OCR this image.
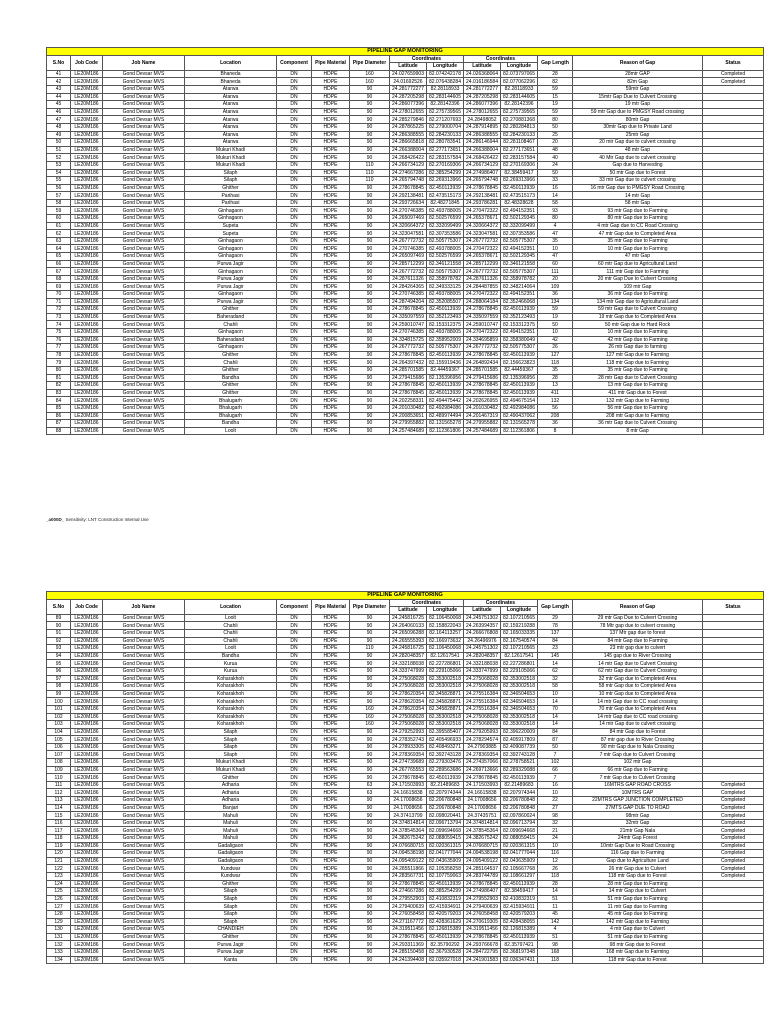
PIPELINE GAP MONITORING													
S.No	Job Code	Job Name	Location	Component	Pipe Material	Pipe Diameter	Coordinates		Coordinates		Gap Length	Reason of Gap	Status
							Latitude	Longitude	Latitude	Longitude			
41	LE20M186	Gond Devsar MVS	Bhaneda	DN	HDPE	160	24.027659903	82.074242178	24.026368064	82.073797065	28	28mtr GAP	Completed
42	LE20M186	Gond Devsar MVS	Bhaneda	DN	HDPE	160	24.01692526	82.076438284	24.016186584	82.077062296	82	82m Gap	Completed
43	LE20M186	Gond Devsar MVS	Atarwa	DN	HDPE	90	24.281772277	82.28118933	24.281772277	82.28118933	59	59mtr Gap	
44	LE20M186	Gond Devsar MVS	Atarwa	DN	HDPE	90	24.287205298	82.283144605	24.287205298	82.283144605	15	15mtr Gap Due to Culvert Crossing	
45	LE20M186	Gond Devsar MVS	Atarwa	DN	HDPE	90	24.286077396	82.28142396	24.286077396	82.28142396	19	19 mtr Gap	
46	LE20M186	Gond Devsar MVS	Atarwa	DN	HDPE	90	24.278012655	82.275739565	24.278012655	82.275739565	59	59 mtr Gap due to PMGSY Road crossing	
47	LE20M186	Gond Devsar MVS	Atarwa	DN	HDPE	90	24.285279846	82.271207693	24.28498052	82.270881368	80	80mtr Gap	
48	LE20M186	Gond Devsar MVS	Atarwa	DN	HDPE	90	24.287865225	82.279000704	24.287914895	82.280284813	50	30mtr Gap due to Private Land	
49	LE20M186	Gond Devsar MVS	Atarwa	DN	HDPE	90	24.286388555	82.284230133	24.286388555	82.284230133	25	25mtr Gap	
50	LE20M186	Gond Devsar MVS	Atarwa	DN	HDPE	90	24.286665818	82.280783541	24.286146944	82.281108467	20	20 mtr Gap due to culvert crossing	
51	LE20M186	Gond Devsar MVS	Mukuri Khadi	DN	HDPE	90	24.266388004	82.277173651	24.266388004	82.277173651	48	48 mtr Gap	
52	LE20M186	Gond Devsar MVS	Mukuri Khadi	DN	HDPE	90	24.268426422	82.283157584	24.268426422	82.283157584	40	40 Mtr Gap due to culvert crossing	
53	LE20M186	Gond Devsar MVS	Mukuri Khadi	DN	HDPE	110	24.266734129	82.270169306	24.266734129	82.270169306	24	Gap due to Harvesting	
54	LE20M186	Gond Devsar MVS	Silaph	DN	HDPE	110	24.274667286	82.385254299	24.274986407	82.38459417	50	50 mtr Gap due to Forest	
55	LE20M186	Gond Devsar MVS	Silaph	DN	HDPE	110	24.265794748	82.269313966	24.265794748	82.269313966	33	33 mtr Gap due to culvert crossing	
56	LE20M186	Gond Devsar MVS	Ghither	DN	HDPE	90	24.278678845	82.450113939	24.278678845	82.450113939	16	16 mtr Gap due to PMGSY Road Crossing	
57	LE20M186	Gond Devsar MVS	Parihasi	DN	HDPE	90	24.292138481	82.473515173	24.292138481	82.473515173	14	14 mtr Gap	
58	LE20M186	Gond Devsar MVS	Parihasi	DN	HDPE	90	24.293726634	82.48271845	24.293786281	82.48328628	58	58 mtr Gap	
59	LE20M186	Gond Devsar MVS	Ginhagaon	DN	HDPE	90	24.270746385	82.493788005	24.270472322	82.494152351	93	93 mtr Gap due to Farming	
60	LE20M186	Gond Devsar MVS	Ginhagaon	DN	HDPE	90	24.265097469	82.502576599	24.265378671	82.502129345	80	80 mtr Gap due to Farming	
61	LE20M186	Gond Devsar MVS	Supeta	DN	HDPE	90	24.320664372	82.332099499	24.320664372	82.332099499	4	4 mtr Gap due to CC Road Crossing	
62	LE20M186	Gond Devsar MVS	Supeta	DN	HDPE	90	24.323047581	82.307353586	24.323047581	82.307353586	47	47 mtr Gap due to Completed Area	
63	LE20M186	Gond Devsar MVS	Ginhagaon	DN	HDPE	90	24.267772732	82.505775307	24.267772732	82.505775307	35	35 mtr Gap due to Farming	
64	LE20M186	Gond Devsar MVS	Ginhagaon	DN	HDPE	90	24.270746385	82.493788005	24.270472322	82.494152351	10	10 mtr Gap due to Farming	
65	LE20M186	Gond Devsar MVS	Ginhagaon	DN	HDPE	90	24.265097469	82.502576599	24.265378671	82.502129345	47	47 mtr Gap	
66	LE20M186	Gond Devsar MVS	Purwa Jagir	DN	HDPE	90	24.285712299	82.346121558	24.285712299	82.346121558	60	60 mtr Gap due to Agricultural Land	
67	LE20M186	Gond Devsar MVS	Ginhagaon	DN	HDPE	90	24.267772732	82.505775307	24.267772732	82.505775307	111	111 mtr Gap due to Farming	
68	LE20M186	Gond Devsar MVS	Purwa Jagir	DN	HDPE	90	24.287611326	82.358978782	24.287611326	82.358978782	20	20 mtr Gap Due to Culvert Crossing	
69	LE20M186	Gond Devsar MVS	Purwa Jagir	DN	HDPE	90	24.284264365	82.349333125	24.284487855	82.348214064	109	109 mtr Gap	
70	LE20M186	Gond Devsar MVS	Ginhagaon	DN	HDPE	90	24.270746385	82.493788005	24.270472322	82.494152351	36	36 mtr Gap due to Farming	
71	LE20M186	Gond Devsar MVS	Purwa Jagir	DN	HDPE	90	24.287494204	82.352085507	24.288064184	82.352466068	134	134 mtr Gap due to Agricultural Land	
72	LE20M186	Gond Devsar MVS	Ghither	DN	HDPE	90	24.278678845	82.450113939	24.278678845	82.450113939	59	59 mtr Gap due to Culvert Crossing	
73	LE20M186	Gond Devsar MVS	Baheradand	DN	HDPE	90	24.335097559	82.352123493	24.335097559	82.352123493	19	19 mtr Gap due to Completed Area	
74	LE20M186	Gond Devsar MVS	Chahli	DN	HDPE	90	24.259010747	82.153312375	24.259010747	82.153312375	50	50 mtr Gap due to Hard Rock	
75	LE20M186	Gond Devsar MVS	Ginhagaon	DN	HDPE	90	24.270746385	82.493788005	24.270472322	82.494152351	10	10 mtr Gap due to Farming	
76	LE20M186	Gond Devsar MVS	Baheradand	DN	HDPE	90	24.334815725	82.358952009	24.334695859	82.358380049	42	42 mtr Gap due to Farming	
77	LE20M186	Gond Devsar MVS	Ginhagaon	DN	HDPE	90	24.267772732	82.505775307	24.267772732	82.505775307	26	26 mtr Gap due to farming	
78	LE20M186	Gond Devsar MVS	Ghither	DN	HDPE	90	24.278678845	82.450113939	24.278678845	82.450113939	127	127 mtr Gap due to Farming	
79	LE20M186	Gond Devsar MVS	Chahli	DN	HDPE	90	24.264397432	82.155919436	24.264892434	82.156623823	118	118 mtr Gap due to Farming	
80	LE20M186	Gond Devsar MVS	Ghither	DN	HDPE	90	24.285701585	82.44459367	24.285701585	82.44459367	35	35 mtr Gap due to Farming	
81	LE20M186	Gond Devsar MVS	Bandha	DN	HDPE	90	24.279415686	82.135396956	24.279415686	82.135396956	28	28 mtr Gap due to Culvert Crossing	
82	LE20M186	Gond Devsar MVS	Ghither	DN	HDPE	90	24.278678845	82.450113939	24.278678845	82.450113939	13	13 mtr Gap due to Farming	
83	LE20M186	Gond Devsar MVS	Ghither	DN	HDPE	90	24.278678845	82.450113939	24.278678845	82.450113939	411	411 mtr Gap due to Forest	
84	LE20M186	Gond Devsar MVS	Bhalugarh	DN	HDPE	90	24.202258331	82.494475442	24.202626955	82.494675154	132	132 mtr Gap due to Farming	
85	LE20M186	Gond Devsar MVS	Bhalugarh	DN	HDPE	90	24.201030482	82.492984086	24.201030482	82.492984086	56	56 mtr Gap due to Farming	
86	LE20M186	Gond Devsar MVS	Bhalugarh	DN	HDPE	90	24.200853651	82.489974494	24.201467319	82.490437062	208	208 mtr Gap due to Farming	
87	LE20M186	Gond Devsar MVS	Bandha	DN	HDPE	90	24.279955882	82.131565278	24.279955882	82.131565278	36	36 mtr Gap due to Culvert Crossing	
88	LE20M186	Gond Devsar MVS	Loolt	DN	HDPE	90	24.257484689	82.112361806	24.257484689	82.112361806	8	8 mtr Gap	
_a000D_ Sensitivity: LNT Construction Internal Use
PIPELINE GAP MONITORING													
S.No	Job Code	Job Name	Location	Component	Pipe Material	Pipe Diameter	Coordinates		Coordinates		Gap Length	Reason of Gap	Status
							Latitude	Longitude	Latitude	Longitude			
89	LE20M186	Gond Devsar MVS	Loolt	DN	HDPE	90	24.245816725	82.106450068	24.245751302	82.107210565	29	29 mtr Gap Due to Culvert Crossing	
90	LE20M186	Gond Devsar MVS	Chahli	DN	HDPE	90	24.264060133	82.158822043	24.263994357	82.159219288	78	78 Mtr gap due to culvert crossing	
91	LE20M186	Gond Devsar MVS	Chahli	DN	HDPE	90	24.265096288	82.164113257	24.266676808	82.165033335	137	137 Mtr gap due to forest	
92	LE20M186	Gond Devsar MVS	Chahli	DN	HDPE	90	24.265555393	82.166973632	24.26496976	82.167540574	84	84 mtr Gap due to Farming	
93	LE20M186	Gond Devsar MVS	Loolt	DN	HDPE	110	24.245816725	82.106450068	24.245751302	82.107210565	23	23 mtr gap due to culvert	
94	LE20M186	Gond Devsar MVS	Bandha	DN	HDPE	90	24.282048357	82.12617541	24.282048357	82.12617541	145	145 gap due to River Crossing	
95	LE20M186	Gond Devsar MVS	Kurua	DN	HDPE	90	24.332188038	82.227286801	24.332188038	82.227286801	14	14 mtr Gap due to Culvert Crossing	
96	LE20M186	Gond Devsar MVS	Kurua	DN	HDPE	90	24.333747999	82.229105066	24.333747999	82.229105066	62	62 mtr Gap due to Culvert Crossing	
97	LE20M186	Gond Devsar MVS	Koharakhoh	DN	HDPE	90	24.275068028	82.353002518	24.275068028	82.353002518	32	32 mtr Gap due to Completed Area	
98	LE20M186	Gond Devsar MVS	Koharakhoh	DN	HDPE	90	24.275068028	82.353002518	24.275068028	82.353002518	58	58 mtr Gap due to Completed Area	
99	LE20M186	Gond Devsar MVS	Koharakhoh	DN	HDPE	90	24.278620354	82.345828871	24.275516384	82.346504653	10	10 mtr Gap due to Completed Area	
100	LE20M186	Gond Devsar MVS	Koharakhoh	DN	HDPE	90	24.278620354	82.345828871	24.275516384	82.346504653	14	14 mtr Gap due to CC road crossing	
101	LE20M186	Gond Devsar MVS	Koharakhoh	DN	HDPE	160	24.278620354	82.345828871	24.275516384	82.346504653	70	70 mtr Gap due to Completed Area	
102	LE20M186	Gond Devsar MVS	Koharakhoh	DN	HDPE	160	24.275068028	82.353002518	24.275068028	82.353002518	14	14 mtr Gap due to CC road crossing	
103	LE20M186	Gond Devsar MVS	Koharakhoh	DN	HDPE	160	24.275068028	82.353002518	24.275068028	82.353002518	14	14 mtr Gap due to culvert crossing	
104	LE20M186	Gond Devsar MVS	Silaph	DN	HDPE	90	24.279252993	82.395585407	24.279205993	82.396220009	84	84 mtr Gap due to Forest	
105	LE20M186	Gond Devsar MVS	Silaph	DN	HDPE	90	24.278352743	82.405496933	24.278294574	82.405917809	87	87 mtr gap due to River Crossing	
106	LE20M186	Gond Devsar MVS	Silaph	DN	HDPE	90	24.278933305	82.408493271	24.27903885	82.409087739	50	90 mtr Gap due to Nala Crossing	
107	LE20M186	Gond Devsar MVS	Silaph	DN	HDPE	90	24.278369354	82.392743128	24.278369354	82.392743128	7	7 mtr Gap due to Culvert Crossing	
108	LE20M186	Gond Devsar MVS	Mukuri Khadi	DN	HDPE	90	24.274739689	82.279303476	24.274357066	82.278758521	102	102 mtr Gap	
109	LE20M186	Gond Devsar MVS	Mukuri Khadi	DN	HDPE	90	24.267765553	82.289563686	24.269713666	82.289329088	66	66 mtr Gap due to Farming	
110	LE20M186	Gond Devsar MVS	Ghither	DN	HDPE	90	24.278678845	82.450113939	24.278678845	82.450113939	7	7 mtr Gap due to Culvert Crossing	
111	LE20M186	Gond Devsar MVS	Adharia	DN	HDPE	63	24.171503993	82.21489683	24.171503993	82.21489683	16	16MTRS GAP ROAD CROSS	Completed
112	LE20M186	Gond Devsar MVS	Adharia	DN	HDPE	63	24.16615838	82.207974344	24.16615838	82.207974344	10	10MTRS GAP	Completed
113	LE20M186	Gond Devsar MVS	Adharia	DN	HDPE	90	24.17008656	82.206780848	24.17008656	82.206780848	22	22MTRS GAP JUNCTION COMPLETED	Completed
114	LE20M186	Gond Devsar MVS	Banjari	DN	HDPE	90	24.17008656	82.206780848	24.17008656	82.206780848	27	27MTS GAP DUE TO ROAD	Completed
115	LE20M186	Gond Devsar MVS	Mahuli	DN	HDPE	90	24.37413799	82.098020441	24.37435751	82.097860024	98	98mtr Gap	Completed
116	LE20M186	Gond Devsar MVS	Mahuli	DN	HDPE	90	24.374814814	82.096713794	24.374814814	82.096713794	32	32mtr Gap	Completed
117	LE20M186	Gond Devsar MVS	Mahuli	DN	HDPE	90	24.378545364	82.099694668	24.378545364	82.099694668	21	21mtr Gap Nala	Completed
118	LE20M186	Gond Devsar MVS	Mahuli	DN	HDPE	90	24.382675242	82.088059415	24.382675242	82.088059415	24	24mtr Gap Forest	Completed
119	LE20M186	Gond Devsar MVS	Gadaligaon	DN	HDPE	90	24.076680715	82.020361315	24.076680715	82.020361315	10	10mtr Gap Due to Road Crossing	Completed
120	LE20M186	Gond Devsar MVS	Gadaligaon	DN	HDPE	90	24.094538198	82.041777044	24.094538198	82.041777044	116	116 Gap due to Farming	Completed
121	LE20M186	Gond Devsar MVS	Gadaligaon	DN	HDPE	90	24.095409122	82.043635909	24.095409122	82.043635909	12	Gap due to Agriculture Land	Completed
122	LE20M186	Gond Devsar MVS	Kundwar	DN	HDPE	90	24.285511866	82.105358258	24.285164537	82.105667768	26	26 mtr Gap due to Culvert	Completed
123	LE20M186	Gond Devsar MVS	Kundwar	DN	HDPE	90	24.283567731	82.107759063	24.283744789	82.108661297	118	118 mtr Gap due to Forest	Completed
124	LE20M186	Gond Devsar MVS	Ghither	DN	HDPE	90	24.278678845	82.450113939	24.278678845	82.450113939	28	28 mtr Gap due to Farming	
125	LE20M186	Gond Devsar MVS	Silaph	DN	HDPE	90	24.274667286	82.385254299	24.274986407	82.38459417	14	14 mtr Gap due to Culvert	
126	LE20M186	Gond Devsar MVS	Silaph	DN	HDPE	90	24.279552903	82.410832319	24.279552903	82.410832319	51	51 mtr Gap due to Farming	
127	LE20M186	Gond Devsar MVS	Silaph	DN	HDPE	90	24.279400639	82.415934911	24.279400639	82.415934911	11	11 mtr Gap due to Farming	
128	LE20M186	Gond Devsar MVS	Silaph	DN	HDPE	90	24.276058458	82.420579203	24.276058458	82.420579203	45	45 mtr Gap due to Farming	
129	LE20M186	Gond Devsar MVS	Silaph	DN	HDPE	90	24.271167772	82.428361629	24.270619305	82.428438055	142	142 mtr Gap due to Farming	
130	LE20M186	Gond Devsar MVS	CHANDIEH	DN	HDPE	90	24.319511456	82.126815389	24.319511456	82.126815389	4	4 mtr Gap due to Culvert	
131	LE20M186	Gond Devsar MVS	Ghither	DN	HDPE	90	24.278678845	82.450113939	24.278678845	82.450113939	51	51 mtr Gap due to Farming	
132	LE20M186	Gond Devsar MVS	Purwa Jagir	DN	HDPE	90	24.293311369	82.35790292	24.293766678	82.35797421	98	98 mtr Gap due to Forest	
133	LE20M186	Gond Devsar MVS	Purwa Jagir	DN	HDPE	90	24.285150458	82.367930528	24.284722795	82.368197348	168	168 mtr Gap due to Farming	
134	LE20M186	Gond Devsar MVS	Kanta	DN	HDPE	90	24.241394408	82.035927018	24.241901583	82.036347431	118	118 mtr Gap due to Forest	
